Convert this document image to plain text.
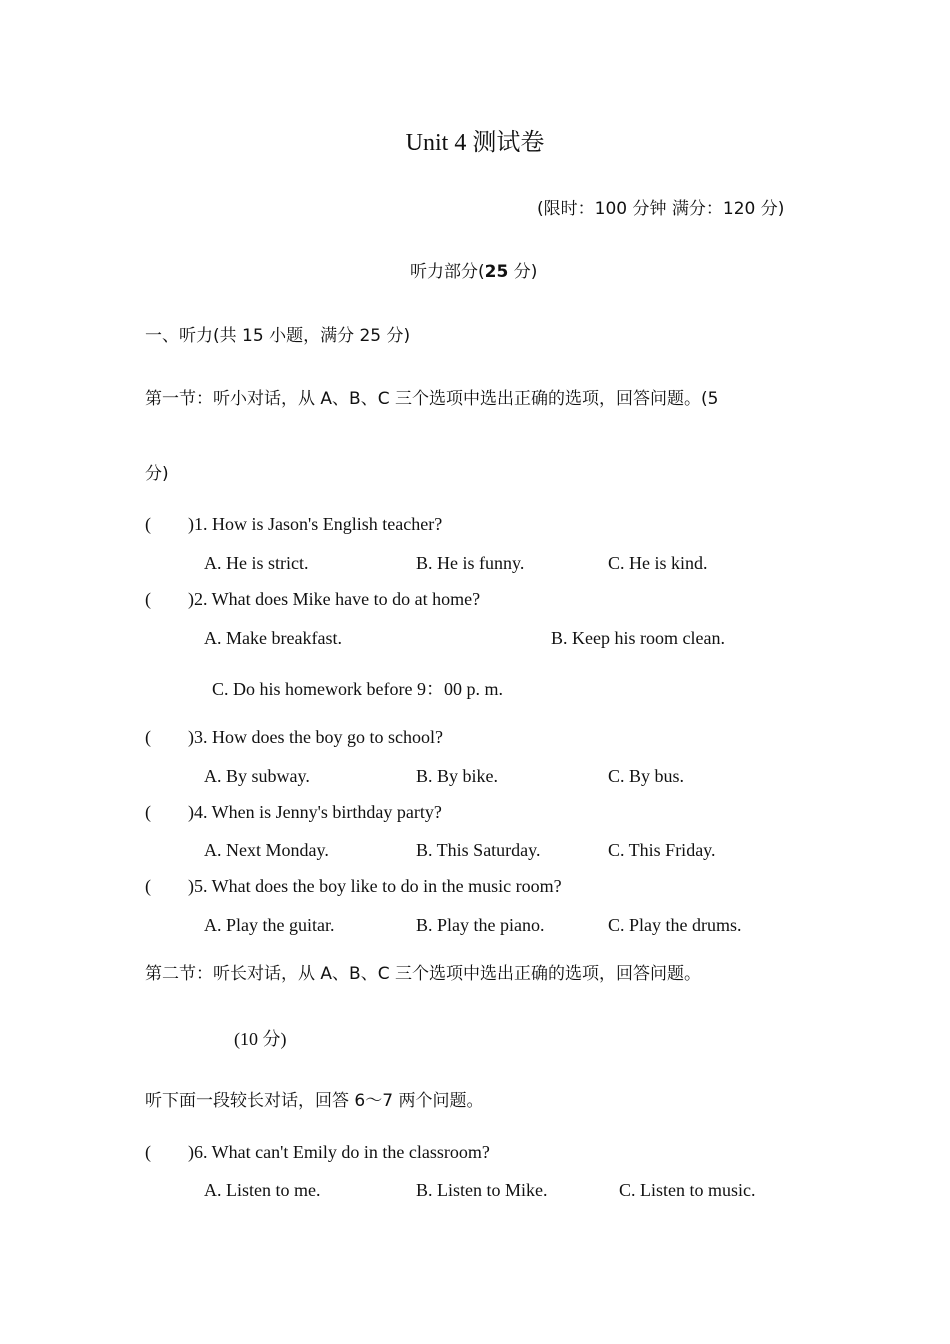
Unit 4 测试卷
(限时：100 分钟 满分：120 分)
听力部分(25 分)
一、听力(共 15 小题，满分 25 分)
第一节：听小对话，从 A、B、C 三个选项中选出正确的选项，回答问题。(5
分)
( )1. How is Jason's English teacher?
A. He is strict.	B. He is funny.	C. He is kind.
( )2. What does Mike have to do at home?
A. Make breakfast.	B. Keep his room clean.
C. Do his homework before 9：00 p. m.
( )3. How does the boy go to school?
A. By subway.	B. By bike.	C. By bus.
( )4. When is Jenny's birthday party?
A. Next Monday.	B. This Saturday.	C. This Friday.
( )5. What does the boy like to do in the music room?
A. Play the guitar.	B. Play the piano.	C. Play the drums.
第二节：听长对话，从 A、B、C 三个选项中选出正确的选项，回答问题。
(10 分)
听下面一段较长对话，回答 6～7 两个问题。
( )6. What can't Emily do in the classroom?
A. Listen to me.	B. Listen to Mike.	C. Listen to music.
